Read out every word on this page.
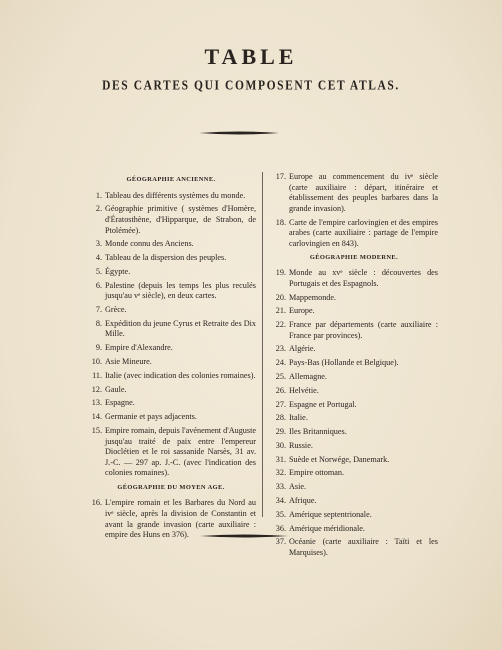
TABLE
DES CARTES QUI COMPOSENT CET ATLAS.
GÉOGRAPHIE ANCIENNE.
1. Tableau des différents systèmes du monde.
2. Géographie primitive ( systèmes d'Homère, d'Ératosthène, d'Hipparque, de Strabon, de Ptolémée).
3. Monde connu des Anciens.
4. Tableau de la dispersion des peuples.
5. Égypte.
6. Palestine (depuis les temps les plus reculés jusqu'au vᵉ siècle), en deux cartes.
7. Grèce.
8. Expédition du jeune Cyrus et Retraite des Dix Mille.
9. Empire d'Alexandre.
10. Asie Mineure.
11. Italie (avec indication des colonies romaines).
12. Gaule.
13. Espagne.
14. Germanie et pays adjacents.
15. Empire romain, depuis l'avénement d'Auguste jusqu'au traité de paix entre l'empereur Dioclétien et le roi sassanide Narsès, 31 av. J.-C. — 297 ap. J.-C. (avec l'indication des colonies romaines).
GÉOGRAPHIE DU MOYEN AGE.
16. L'empire romain et les Barbares du Nord au ivᵉ siècle, après la division de Constantin et avant la grande invasion (carte auxiliaire : empire des Huns en 376).
17. Europe au commencement du ivᵉ siècle (carte auxiliaire : départ, itinéraire et établissement des peuples barbares dans la grande invasion).
18. Carte de l'empire carlovingien et des empires arabes (carte auxiliaire : partage de l'empire carlovingien en 843).
GÉOGRAPHIE MODERNE.
19. Monde au xvᵉ siècle : découvertes des Portugais et des Espagnols.
20. Mappemonde.
21. Europe.
22. France par départements (carte auxiliaire : France par provinces).
23. Algérie.
24. Pays-Bas (Hollande et Belgique).
25. Allemagne.
26. Helvétie.
27. Espagne et Portugal.
28. Italie.
29. Iles Britanniques.
30. Russie.
31. Suède et Norwége, Danemark.
32. Empire ottoman.
33. Asie.
34. Afrique.
35. Amérique septentrionale.
36. Amérique méridionale.
37. Océanie (carte auxiliaire : Taïti et les Marquises).
